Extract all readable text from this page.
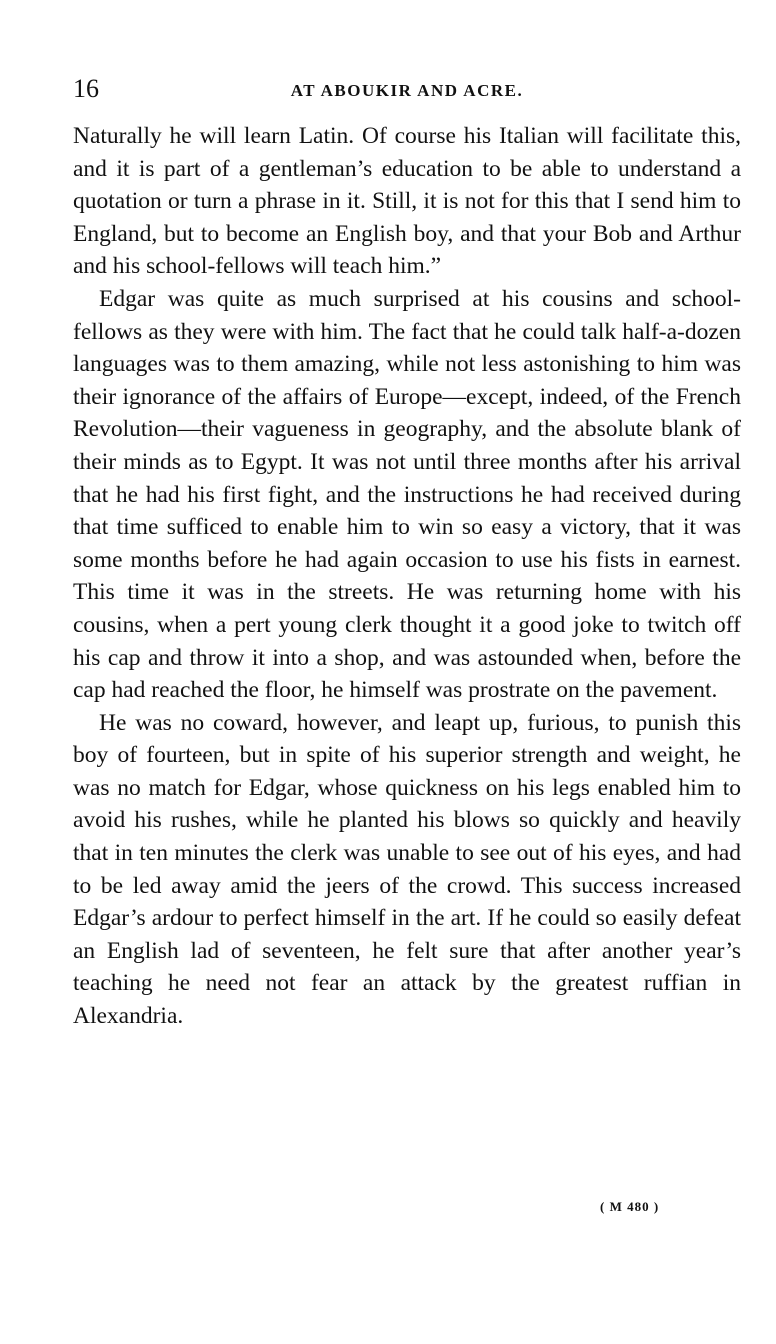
16	AT ABOUKIR AND ACRE.

Naturally he will learn Latin. Of course his Italian will facilitate this, and it is part of a gentleman’s education to be able to understand a quotation or turn a phrase in it. Still, it is not for this that I send him to England, but to become an English boy, and that your Bob and Arthur and his school-fellows will teach him.”

Edgar was quite as much surprised at his cousins and school-fellows as they were with him. The fact that he could talk half-a-dozen languages was to them amazing, while not less astonishing to him was their ignorance of the affairs of Europe—except, indeed, of the French Revolution—their vagueness in geography, and the absolute blank of their minds as to Egypt. It was not until three months after his arrival that he had his first fight, and the instructions he had received during that time sufficed to enable him to win so easy a victory, that it was some months before he had again occasion to use his fists in earnest. This time it was in the streets. He was returning home with his cousins, when a pert young clerk thought it a good joke to twitch off his cap and throw it into a shop, and was astounded when, before the cap had reached the floor, he himself was prostrate on the pavement.

He was no coward, however, and leapt up, furious, to punish this boy of fourteen, but in spite of his superior strength and weight, he was no match for Edgar, whose quickness on his legs enabled him to avoid his rushes, while he planted his blows so quickly and heavily that in ten minutes the clerk was unable to see out of his eyes, and had to be led away amid the jeers of the crowd. This success increased Edgar’s ardour to perfect himself in the art. If he could so easily defeat an English lad of seventeen, he felt sure that after another year’s teaching he need not fear an attack by the greatest ruffian in Alexandria.

( M 480 )
